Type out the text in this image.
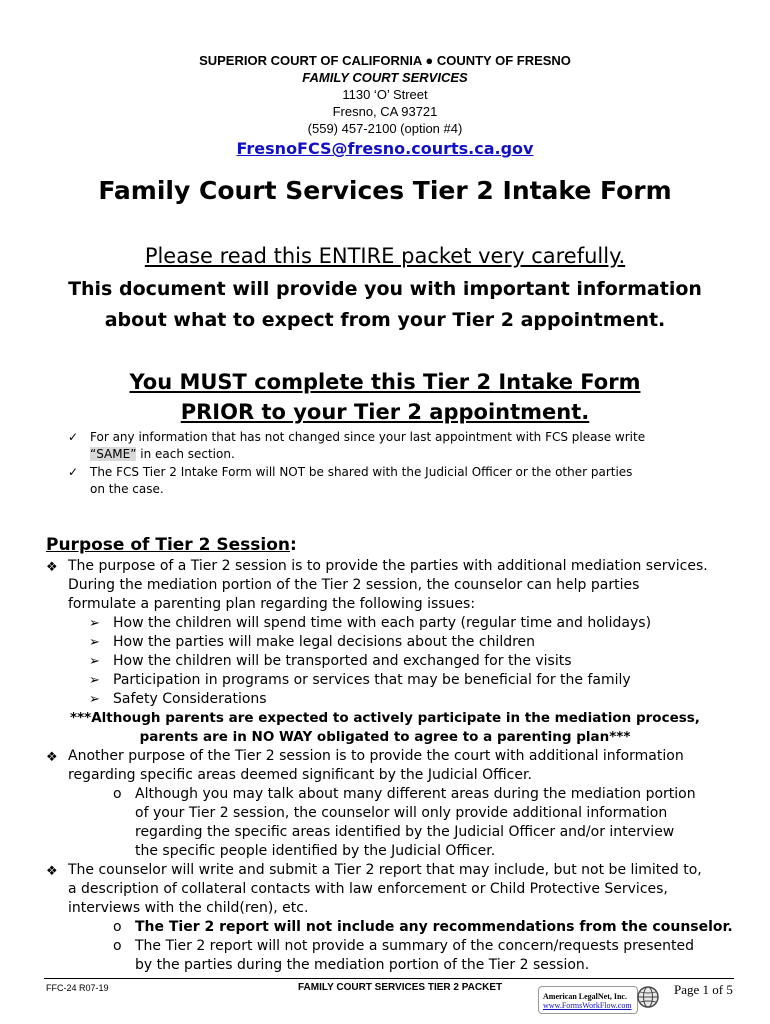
SUPERIOR COURT OF CALIFORNIA ● COUNTY OF FRESNO
FAMILY COURT SERVICES
1130 ‘O’ Street
Fresno, CA 93721
(559) 457-2100 (option #4)
FresnoFCS@fresno.courts.ca.gov
Family Court Services Tier 2 Intake Form
Please read this ENTIRE packet very carefully.
This document will provide you with important information
about what to expect from your Tier 2 appointment.
You MUST complete this Tier 2 Intake Form
PRIOR to your Tier 2 appointment.
✓ For any information that has not changed since your last appointment with FCS please write
“SAME” in each section.
✓ The FCS Tier 2 Intake Form will NOT be shared with the Judicial Officer or the other parties
on the case.
Purpose of Tier 2 Session:
❖ The purpose of a Tier 2 session is to provide the parties with additional mediation services.
During the mediation portion of the Tier 2 session, the counselor can help parties
formulate a parenting plan regarding the following issues:
➢ How the children will spend time with each party (regular time and holidays)
➢ How the parties will make legal decisions about the children
➢ How the children will be transported and exchanged for the visits
➢ Participation in programs or services that may be beneficial for the family
➢ Safety Considerations
***Although parents are expected to actively participate in the mediation process,
parents are in NO WAY obligated to agree to a parenting plan***
❖ Another purpose of the Tier 2 session is to provide the court with additional information
regarding specific areas deemed significant by the Judicial Officer.
o Although you may talk about many different areas during the mediation portion
of your Tier 2 session, the counselor will only provide additional information
regarding the specific areas identified by the Judicial Officer and/or interview
the specific people identified by the Judicial Officer.
❖ The counselor will write and submit a Tier 2 report that may include, but not be limited to,
a description of collateral contacts with law enforcement or Child Protective Services,
interviews with the child(ren), etc.
o The Tier 2 report will not include any recommendations from the counselor.
o The Tier 2 report will not provide a summary of the concern/requests presented
by the parties during the mediation portion of the Tier 2 session.
FFC-24 R07-19	FAMILY COURT SERVICES TIER 2 PACKET
American LegalNet, Inc.
www.FormsWorkFlow.com
Page 1 of 5
